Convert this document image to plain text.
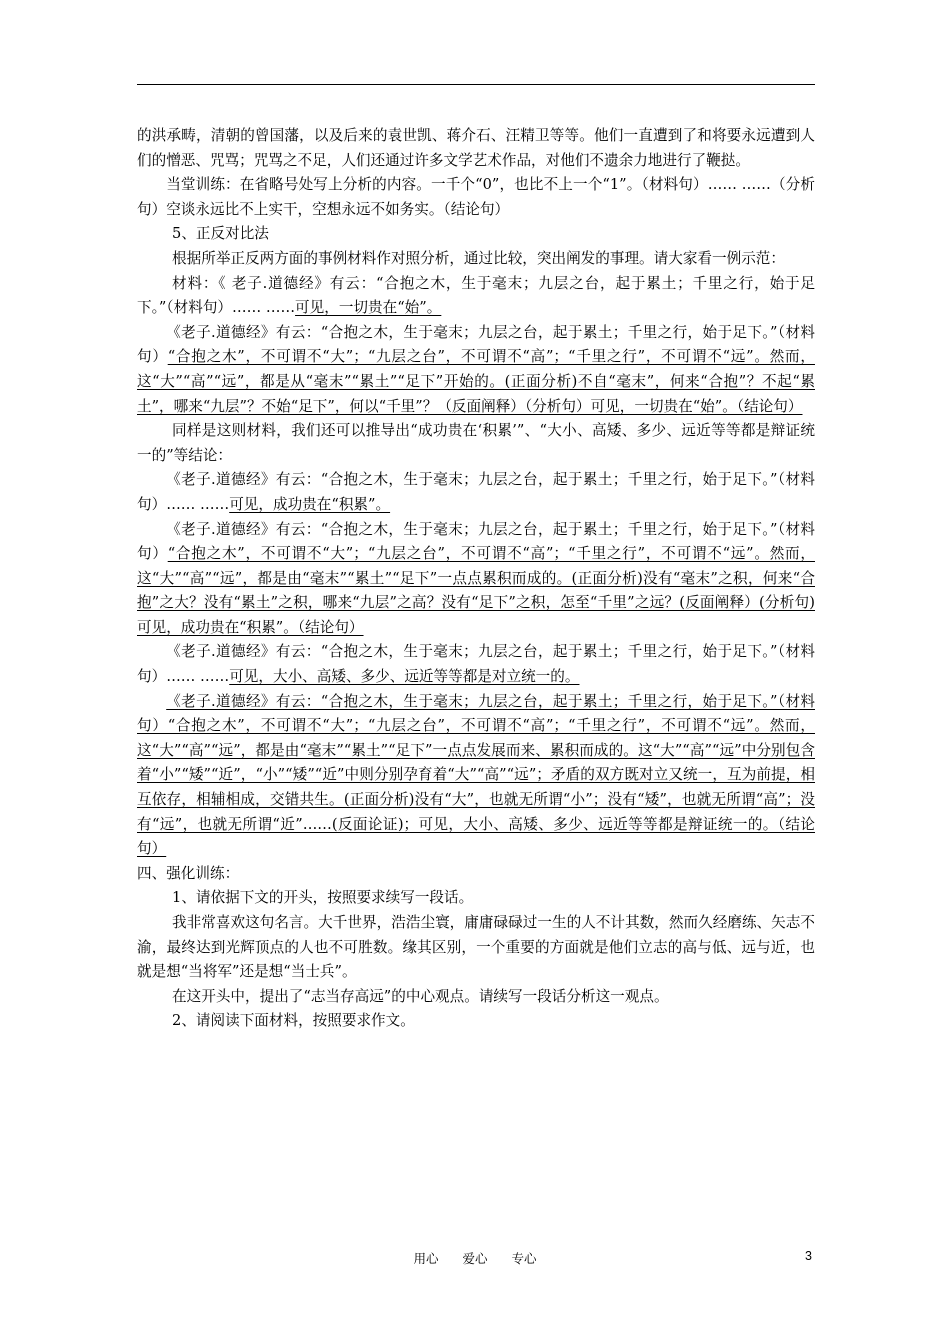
的洪承畴，清朝的曾国藩，以及后来的袁世凯、蒋介石、汪精卫等等。他们一直遭到了和将要永远遭到人们的憎恶、咒骂；咒骂之不足，人们还通过许多文学艺术作品，对他们不遗余力地进行了鞭挞。

当堂训练：在省略号处写上分析的内容。一千个“0”，也比不上一个“1”。（材料句）…… ……（分析句）空谈永远比不上实干，空想永远不如务实。（结论句）

5、正反对比法

根据所举正反两方面的事例材料作对照分析，通过比较，突出阐发的事理。请大家看一例示范：

材料：《 老子.道德经》有云：“合抱之木，生于毫末；九层之台，起于累土；千里之行，始于足下。”（材料句）…… ……可见，一切贵在“始”。

《老子.道德经》有云：“合抱之木，生于毫末；九层之台，起于累土；千里之行，始于足下。”（材料句）“合抱之木”，不可谓不“大”；“九层之台”，不可谓不“高”；“千里之行”，不可谓不“远”。然而，这“大”“高”“远”，都是从“毫末”“累土”“足下”开始的。(正面分析)不自“毫末”，何来“合抱”？不起“累土”，哪来“九层”？不始“足下”，何以“千里”？（反面阐释）（分析句）可见，一切贵在“始”。（结论句）

同样是这则材料，我们还可以推导出“成功贵在‘积累’”、“大小、高矮、多少、远近等等都是辩证统一的”等结论：

《老子.道德经》有云：“合抱之木，生于毫末；九层之台，起于累土；千里之行，始于足下。”（材料句）…… ……可见，成功贵在“积累”。

《老子.道德经》有云：“合抱之木，生于毫末；九层之台，起于累土；千里之行，始于足下。”（材料句）“合抱之木”，不可谓不“大”；“九层之台”，不可谓不“高”；“千里之行”，不可谓不“远”。然而，这“大”“高”“远”，都是由“毫末”“累土”“足下”一点点累积而成的。(正面分析)没有“毫末”之积，何来“合抱”之大？没有“累土”之积，哪来“九层”之高？没有“足下”之积，怎至“千里”之远？(反面阐释）(分析句)可见，成功贵在“积累”。（结论句）

《老子.道德经》有云：“合抱之木，生于毫末；九层之台，起于累土；千里之行，始于足下。”（材料句）…… ……可见，大小、高矮、多少、远近等等都是对立统一的。

《老子.道德经》有云：“合抱之木，生于毫末；九层之台，起于累土；千里之行，始于足下。”（材料句）“合抱之木”，不可谓不“大”；“九层之台”，不可谓不“高”；“千里之行”，不可谓不“远”。然而，这“大”“高”“远”，都是由“毫末”“累土”“足下”一点点发展而来、累积而成的。这“大”“高”“远”中分别包含着“小”“矮”“近”，“小”“矮”“近”中则分别孕育着“大”“高”“远”；矛盾的双方既对立又统一，互为前提，相互依存，相辅相成，交错共生。(正面分析)没有“大”，也就无所谓“小”；没有“矮”，也就无所谓“高”；没有“远”，也就无所谓“近”……(反面论证)；可见，大小、高矮、多少、远近等等都是辩证统一的。（结论句）

四、强化训练：

1、请依据下文的开头，按照要求续写一段话。

我非常喜欢这句名言。大千世界，浩浩尘寰，庸庸碌碌过一生的人不计其数，然而久经磨练、矢志不渝，最终达到光辉顶点的人也不可胜数。缘其区别，一个重要的方面就是他们立志的高与低、远与近，也就是想“当将军”还是想“当士兵”。

在这开头中，提出了“志当存高远”的中心观点。请续写一段话分析这一观点。

2、请阅读下面材料，按照要求作文。

用心 爱心 专心	3
